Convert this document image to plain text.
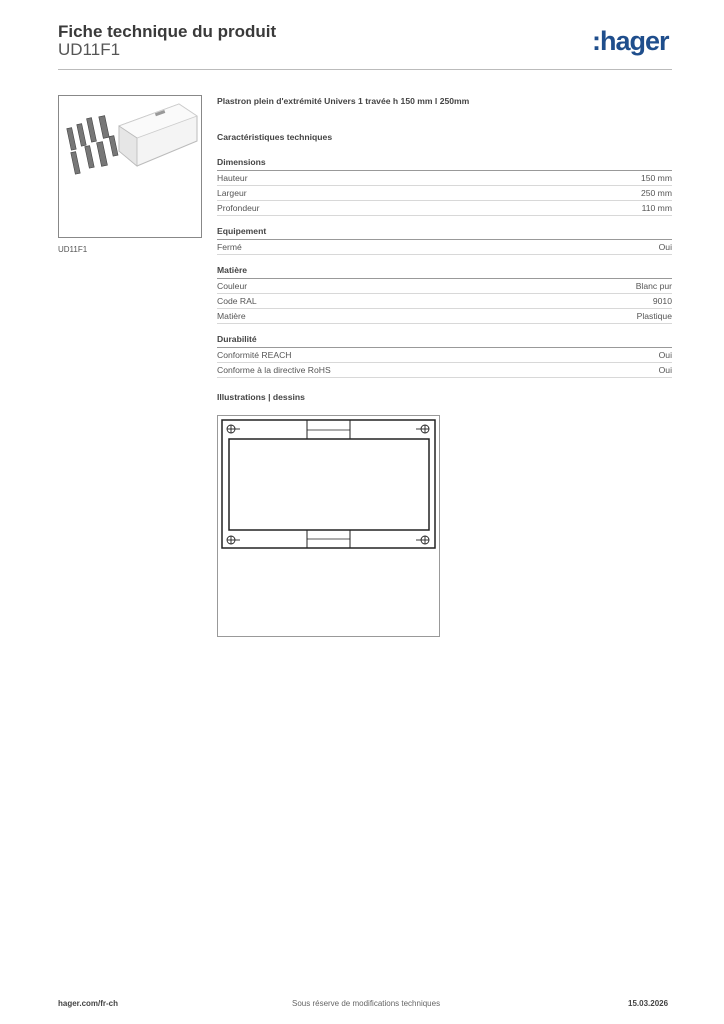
Fiche technique du produit
UD11F1	:hager
UD11F1
Plastron plein d'extrémité Univers 1 travée h 150 mm l 250mm
Caractéristiques techniques
Dimensions
Hauteur	150 mm
Largeur	250 mm
Profondeur	110 mm
Equipement
Fermé	Oui
Matière
Couleur	Blanc pur
Code RAL	9010
Matière	Plastique
Durabilité
Conformité REACH	Oui
Conforme à la directive RoHS	Oui
Illustrations | dessins
hager.com/fr-ch	Sous réserve de modifications techniques	15.03.2026
